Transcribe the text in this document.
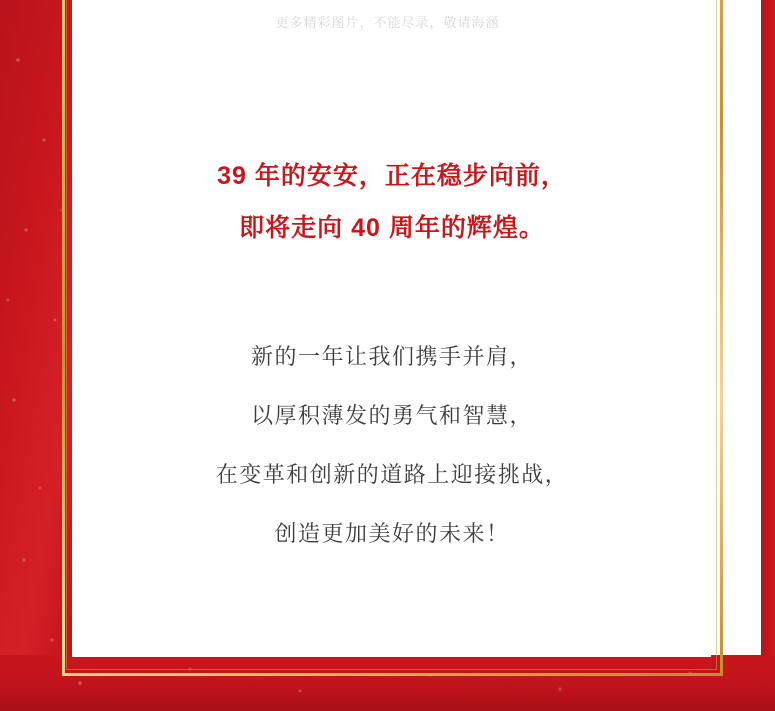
更多精彩图片，不能尽录，敬请海涵
39 年的安安，正在稳步向前，
即将走向 40 周年的辉煌。
新的一年让我们携手并肩，
以厚积薄发的勇气和智慧，
在变革和创新的道路上迎接挑战，
创造更加美好的未来！
